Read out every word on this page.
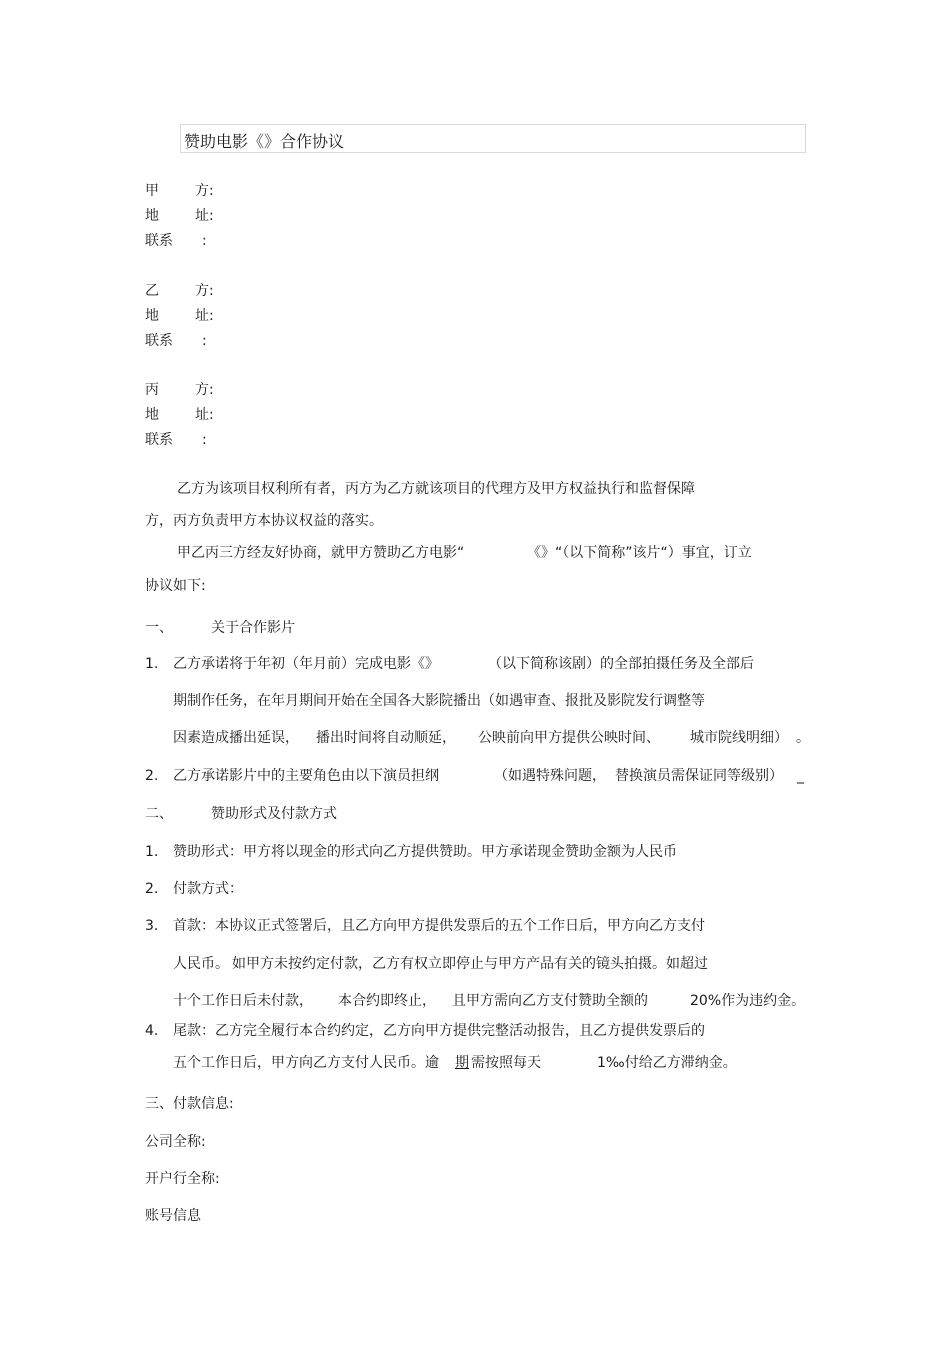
赞助电影《》合作协议
甲	方:
地	址:
联系 :
乙	方:
地	址:
联系 :
丙	方:
地	址:
联系 :
乙方为该项目权利所有者，丙方为乙方就该项目的代理方及甲方权益执行和监督保障
方，丙方负责甲方本协议权益的落实。
甲乙丙三方经友好协商，就甲方赞助乙方电影“	《》“（以下简称”该片“）事宜，订立
协议如下:
一、	关于合作影片
1. 乙方承诺将于年初（年月前）完成电影《》	（以下简称该剧）的全部拍摄任务及全部后
期制作任务，在年月期间开始在全国各大影院播出（如遇审查、报批及影院发行调整等
因素造成播出延误， 播出时间将自动顺延， 公映前向甲方提供公映时间、 城市院线明细） 。
2. 乙方承诺影片中的主要角色由以下演员担纲	（如遇特殊问题， 替换演员需保证同等级别） _
二、	赞助形式及付款方式
1. 赞助形式：甲方将以现金的形式向乙方提供赞助。甲方承诺现金赞助金额为人民币
2. 付款方式：
3. 首款：本协议正式签署后，且乙方向甲方提供发票后的五个工作日后，甲方向乙方支付
人民币。 如甲方未按约定付款，乙方有权立即停止与甲方产品有关的镜头拍摄。如超过
十个工作日后未付款， 本合约即终止， 且甲方需向乙方支付赞助全额的	20%作为违约金。
4. 尾款：乙方完全履行本合约约定，乙方向甲方提供完整活动报告，且乙方提供发票后的
五个工作日后，甲方向乙方支付人民币。逾 期 需按照每天	1‰付给乙方滞纳金。
三、付款信息:
公司全称:
开户行全称:
账号信息
